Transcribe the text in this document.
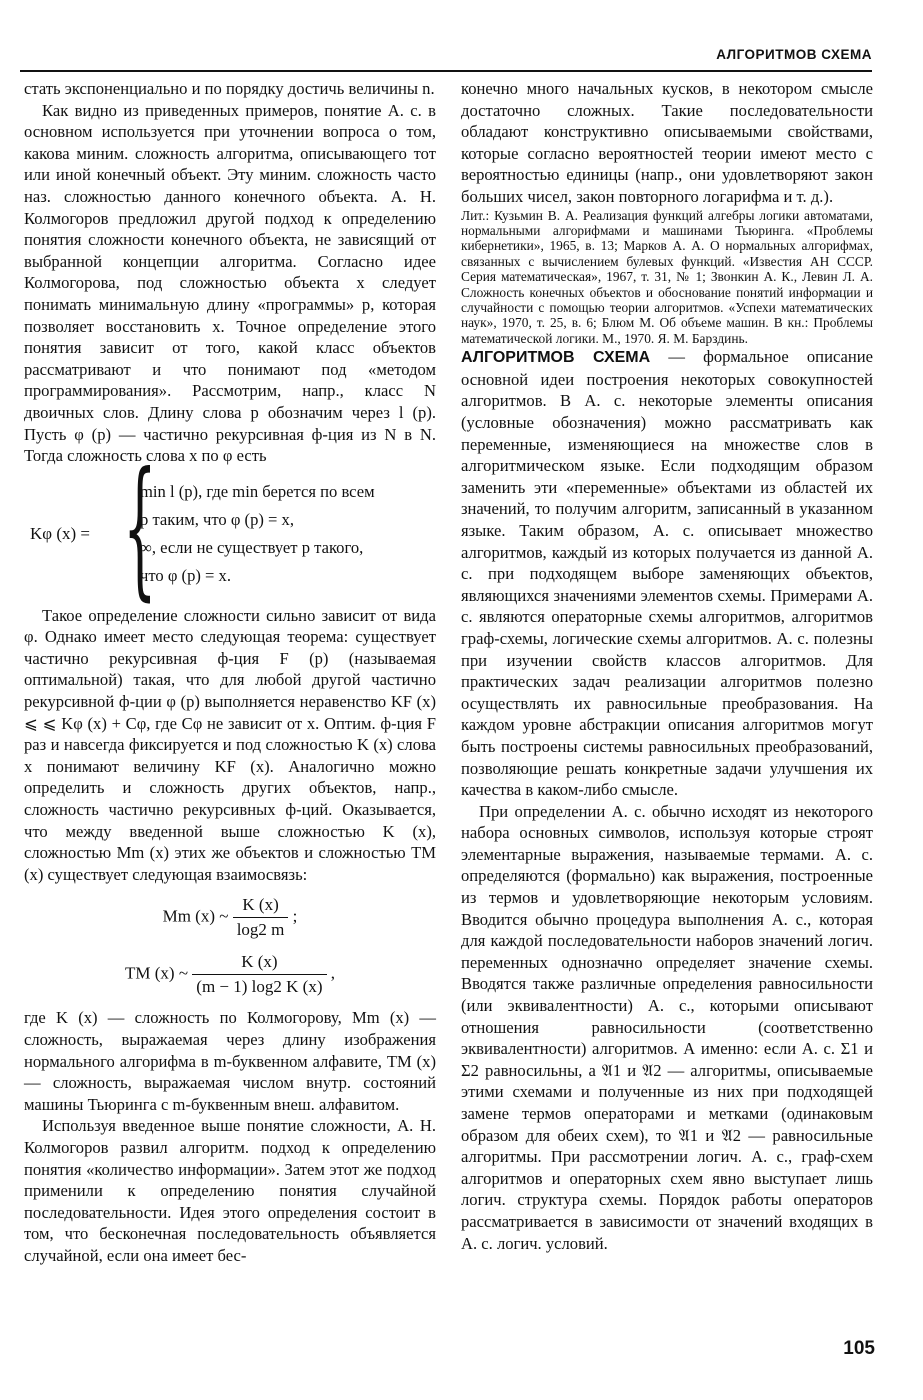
АЛГОРИТМОВ СХЕМА

стать экспоненциально и по порядку достичь величины n.

Как видно из приведенных примеров, понятие А. с. в основном используется при уточнении вопроса о том, какова миним. сложность алгоритма, описывающего тот или иной конечный объект. Эту миним. сложность часто наз. сложностью данного конечного объекта. А. Н. Колмогоров предложил другой подход к определению понятия сложности конечного объекта, не зависящий от выбранной концепции алгоритма. Согласно идее Колмогорова, под сложностью объекта x следует понимать минимальную длину «программы» p, которая позволяет восстановить x. Точное определение этого понятия зависит от того, какой класс объектов рассматривают и что понимают под «методом программирования». Рассмотрим, напр., класс N двоичных слов. Длину слова p обозначим через l (p). Пусть φ (p) — частично рекурсивная ф-ция из N в N. Тогда сложность слова x по φ есть

Kφ (x) = {
min l (p), где min берется по всем
p таким, что φ (p) = x,
∞, если не существует p такого,
что φ (p) = x.

Такое определение сложности сильно зависит от вида φ. Однако имеет место следующая теорема: существует частично рекурсивная ф-ция F (p) (называемая оптимальной) такая, что для любой другой частично рекурсивной ф-ции φ (p) выполняется неравенство KF (x) ⩽ ⩽ Kφ (x) + Cφ, где Cφ не зависит от x. Оптим. ф-ция F раз и навсегда фиксируется и под сложностью K (x) слова x понимают величину KF (x). Аналогично можно определить и сложность других объектов, напр., сложность частично рекурсивных ф-ций. Оказывается, что между введенной выше сложностью K (x), сложностью Mm (x) этих же объектов и сложностью TM (x) существует следующая взаимосвязь:

Mm (x) ~ $\frac{K (x)}{\log 2 m}$ ;
TM (x) ~ $\frac{K (x)}{(m - 1) \log 2 K (x)}$ ,

где K (x) — сложность по Колмогорову, Mm (x) — сложность, выражаемая через длину изображения нормального алгорифма в m-буквенном алфавите, TM (x) — сложность, выражаемая числом внутр. состояний машины Тьюринга с m-буквенным внеш. алфавитом.

Используя введенное выше понятие сложности, А. Н. Колмогоров развил алгоритм. подход к определению понятия «количество информации». Затем этот же подход применили к определению понятия случайной последовательности. Идея этого определения состоит в том, что бесконечная последовательность объявляется случайной, если она имеет бес-

конечно много начальных кусков, в некотором смысле достаточно сложных. Такие последовательности обладают конструктивно описываемыми свойствами, которые согласно вероятностей теории имеют место с вероятностью единицы (напр., они удовлетворяют закон больших чисел, закон повторного логарифма и т. д.).

Лит.: Кузьмин В. А. Реализация функций алгебры логики автоматами, нормальными алгорифмами и машинами Тьюринга. «Проблемы кибернетики», 1965, в. 13; Марков А. А. О нормальных алгорифмах, связанных с вычислением булевых функций. «Известия АН СССР. Серия математическая», 1967, т. 31, № 1; Звонкин А. К., Левин Л. А. Сложность конечных объектов и обоснование понятий информации и случайности с помощью теории алгоритмов. «Успехи математических наук», 1970, т. 25, в. 6; Блюм М. Об объеме машин. В кн.: Проблемы математической логики. М., 1970. Я. М. Барздинь.

АЛГОРИТМОВ СХЕМА — формальное описание основной идеи построения некоторых совокупностей алгоритмов. В А. с. некоторые элементы описания (условные обозначения) можно рассматривать как переменные, изменяющиеся на множестве слов в алгоритмическом языке. Если подходящим образом заменить эти «переменные» объектами из областей их значений, то получим алгоритм, записанный в указанном языке. Таким образом, А. с. описывает множество алгоритмов, каждый из которых получается из данной А. с. при подходящем выборе заменяющих объектов, являющихся значениями элементов схемы. Примерами А. с. являются операторные схемы алгоритмов, алгоритмов граф-схемы, логические схемы алгоритмов. А. с. полезны при изучении свойств классов алгоритмов. Для практических задач реализации алгоритмов полезно осуществлять их равносильные преобразования. На каждом уровне абстракции описания алгоритмов могут быть построены системы равносильных преобразований, позволяющие решать конкретные задачи улучшения их качества в каком-либо смысле.

При определении А. с. обычно исходят из некоторого набора основных символов, используя которые строят элементарные выражения, называемые термами. А. с. определяются (формально) как выражения, построенные из термов и удовлетворяющие некоторым условиям. Вводится обычно процедура выполнения А. с., которая для каждой последовательности наборов значений логич. переменных однозначно определяет значение схемы. Вводятся также различные определения равносильности (или эквивалентности) А. с., которыми описывают отношения равносильности (соответственно эквивалентности) алгоритмов. А именно: если А. с. Σ1 и Σ2 равносильны, а 𝔄1 и 𝔄2 — алгоритмы, описываемые этими схемами и полученные из них при подходящей замене термов операторами и метками (одинаковым образом для обеих схем), то 𝔄1 и 𝔄2 — равносильные алгоритмы. При рассмотрении логич. А. с., граф-схем алгоритмов и операторных схем явно выступает лишь логич. структура схемы. Порядок работы операторов рассматривается в зависимости от значений входящих в А. с. логич. условий.

105
